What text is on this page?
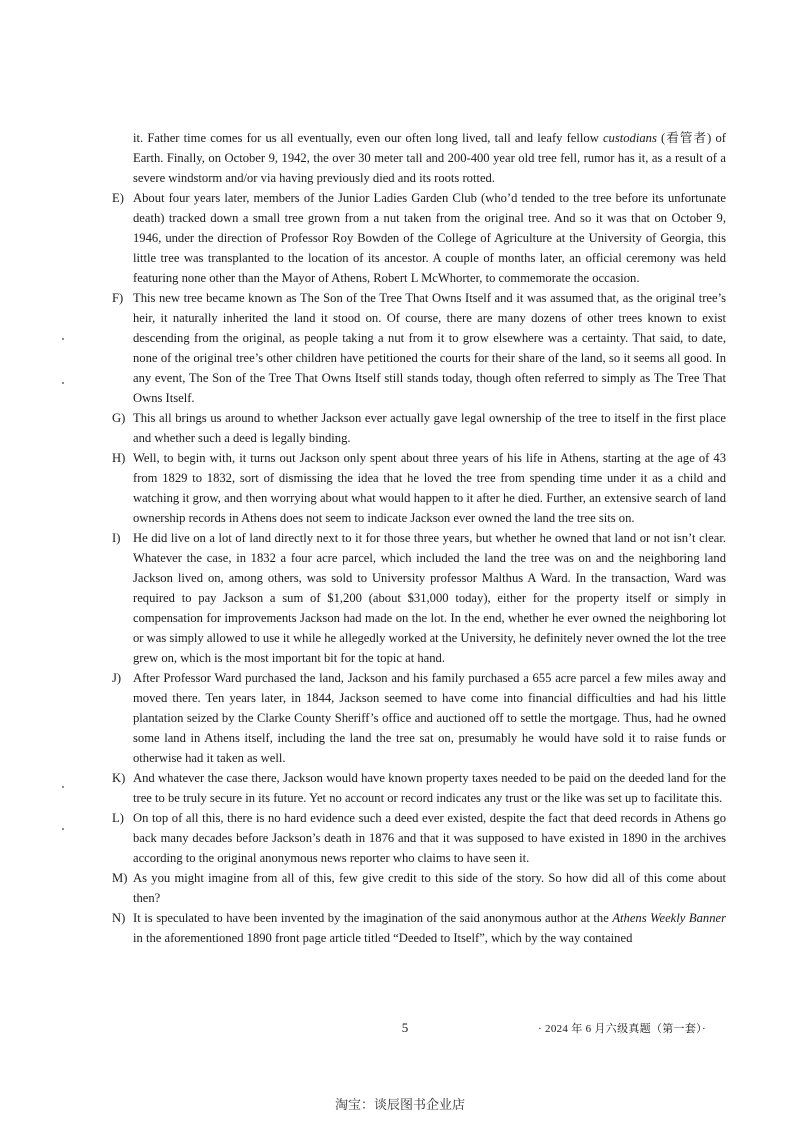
it. Father time comes for us all eventually, even our often long lived, tall and leafy fellow custodians (看管者) of Earth. Finally, on October 9, 1942, the over 30 meter tall and 200-400 year old tree fell, rumor has it, as a result of a severe windstorm and/or via having previously died and its roots rotted.

E) About four years later, members of the Junior Ladies Garden Club (who’d tended to the tree before its unfortunate death) tracked down a small tree grown from a nut taken from the original tree. And so it was that on October 9, 1946, under the direction of Professor Roy Bowden of the College of Agriculture at the University of Georgia, this little tree was transplanted to the location of its ancestor. A couple of months later, an official ceremony was held featuring none other than the Mayor of Athens, Robert L McWhorter, to commemorate the occasion.

F) This new tree became known as The Son of the Tree That Owns Itself and it was assumed that, as the original tree’s heir, it naturally inherited the land it stood on. Of course, there are many dozens of other trees known to exist descending from the original, as people taking a nut from it to grow elsewhere was a certainty. That said, to date, none of the original tree’s other children have petitioned the courts for their share of the land, so it seems all good. In any event, The Son of the Tree That Owns Itself still stands today, though often referred to simply as The Tree That Owns Itself.

G) This all brings us around to whether Jackson ever actually gave legal ownership of the tree to itself in the first place and whether such a deed is legally binding.

H) Well, to begin with, it turns out Jackson only spent about three years of his life in Athens, starting at the age of 43 from 1829 to 1832, sort of dismissing the idea that he loved the tree from spending time under it as a child and watching it grow, and then worrying about what would happen to it after he died. Further, an extensive search of land ownership records in Athens does not seem to indicate Jackson ever owned the land the tree sits on.

I)	He did live on a lot of land directly next to it for those three years, but whether he owned that land or not isn’t clear. Whatever the case, in 1832 a four acre parcel, which included the land the tree was on and the neighboring land Jackson lived on, among others, was sold to University professor Malthus A Ward. In the transaction, Ward was required to pay Jackson a sum of $1,200 (about $31,000 today), either for the property itself or simply in compensation for improvements Jackson had made on the lot. In the end, whether he ever owned the neighboring lot or was simply allowed to use it while he allegedly worked at the University, he definitely never owned the lot the tree grew on, which is the most important bit for the topic at hand.

J) After Professor Ward purchased the land, Jackson and his family purchased a 655 acre parcel a few miles away and moved there. Ten years later, in 1844, Jackson seemed to have come into financial difficulties and had his little plantation seized by the Clarke County Sheriff’s office and auctioned off to settle the mortgage. Thus, had he owned some land in Athens itself, including the land the tree sat on, presumably he would have sold it to raise funds or otherwise had it taken as well.

K) And whatever the case there, Jackson would have known property taxes needed to be paid on the deeded land for the tree to be truly secure in its future. Yet no account or record indicates any trust or the like was set up to facilitate this.

L) On top of all this, there is no hard evidence such a deed ever existed, despite the fact that deed records in Athens go back many decades before Jackson’s death in 1876 and that it was supposed to have existed in 1890 in the archives according to the original anonymous news reporter who claims to have seen it.

M) As you might imagine from all of this, few give credit to this side of the story. So how did all of this come about then?

N) It is speculated to have been invented by the imagination of the said anonymous author at the Athens Weekly Banner in the aforementioned 1890 front page article titled “Deeded to Itself”, which by the way contained

5	· 2024 年 6 月六级真题（第一套）·
淘宝：谈辰图书企业店
